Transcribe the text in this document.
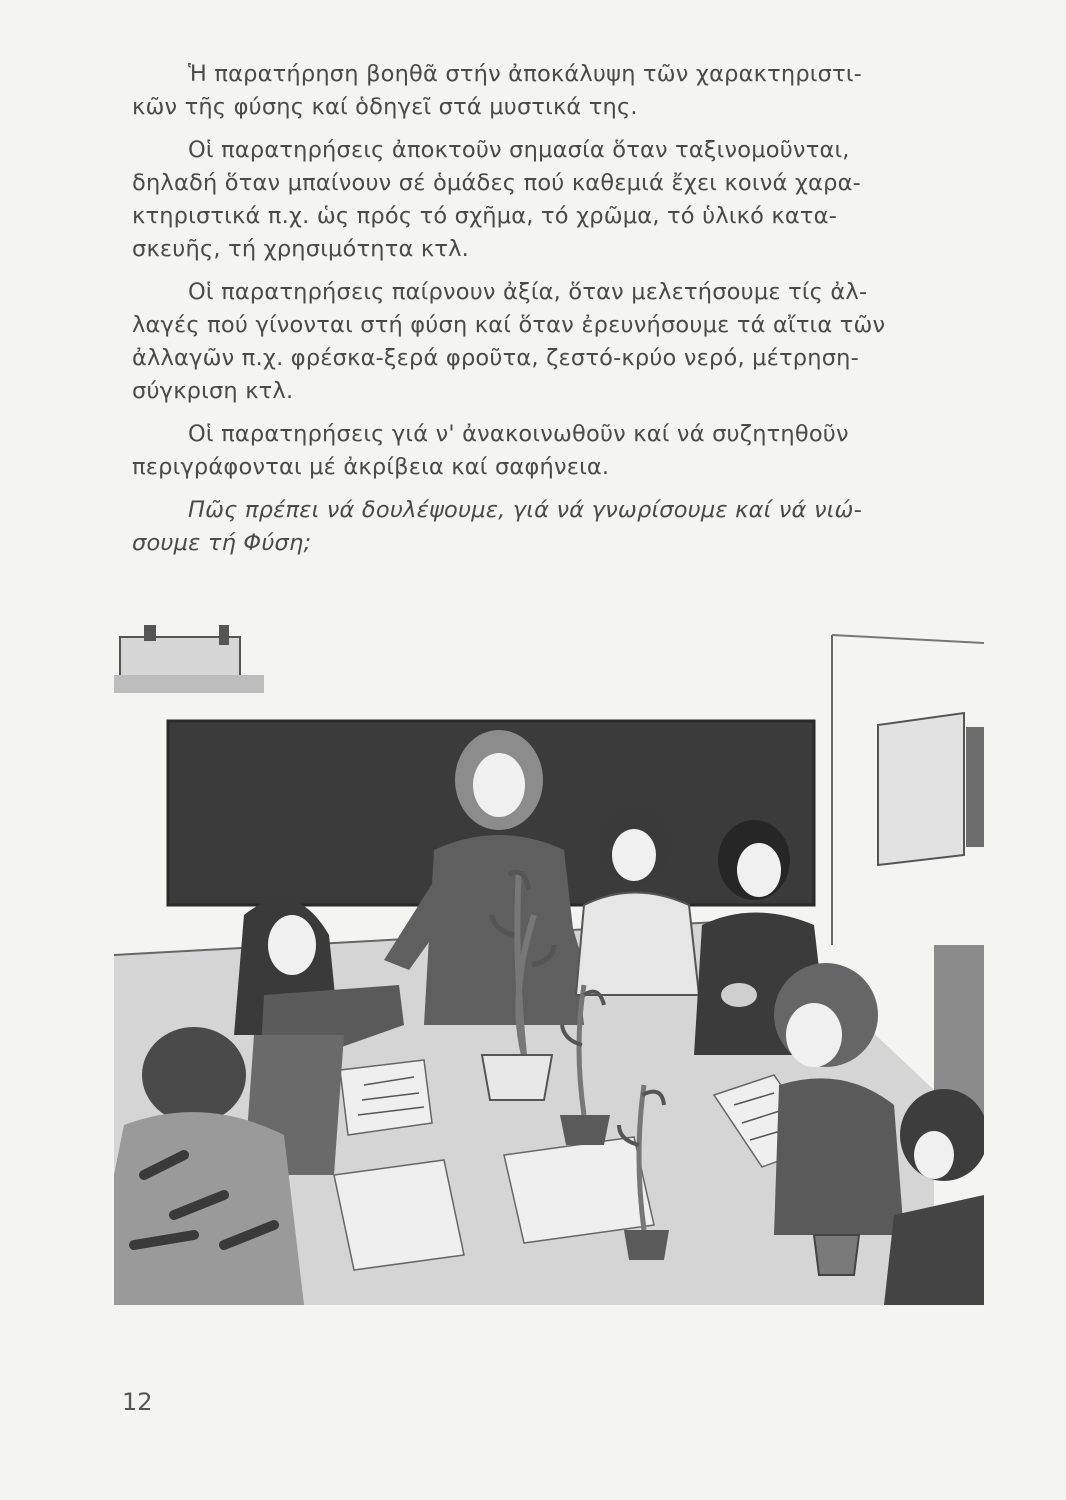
Ἡ παρατήρηση βοηθᾶ στήν ἀποκάλυψη τῶν χαρακτηριστι-
κῶν τῆς φύσης καί ὁδηγεῖ στά μυστικά της.

Οἱ παρατηρήσεις ἀποκτοῦν σημασία ὅταν ταξινομοῦνται,
δηλαδή ὅταν μπαίνουν σέ ὁμάδες πού καθεμιά ἔχει κοινά χαρα-
κτηριστικά π.χ. ὡς πρός τό σχῆμα, τό χρῶμα, τό ὑλικό κατα-
σκευῆς, τή χρησιμότητα κτλ.

Οἱ παρατηρήσεις παίρνουν ἀξία, ὅταν μελετήσουμε τίς ἀλ-
λαγές πού γίνονται στή φύση καί ὅταν ἐρευνήσουμε τά αἴτια τῶν
ἀλλαγῶν π.χ. φρέσκα-ξερά φροῦτα, ζεστό-κρύο νερό, μέτρηση-
σύγκριση κτλ.

Οἱ παρατηρήσεις γιά ν' ἀνακοινωθοῦν καί νά συζητηθοῦν
περιγράφονται μέ ἀκρίβεια καί σαφήνεια.

Πῶς πρέπει νά δουλέψουμε, γιά νά γνωρίσουμε καί νά νιώ-
σουμε τή Φύση;

12
